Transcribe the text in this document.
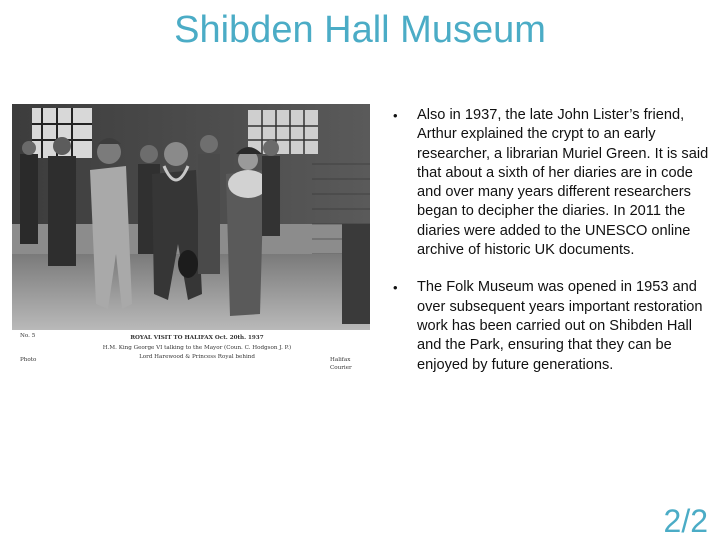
Shibden Hall Museum
No. 5	ROYAL VISIT TO HALIFAX Oct. 20th. 1937
H.M. King George VI talking to the Mayor (Coun. C. Hodgson J. P.)
Lord Harewood & Princess Royal behind
Photo	Halifax Courier
• Also in 1937, the late John Lister’s friend, Arthur explained the crypt to an early researcher, a librarian Muriel Green. It is said that about a sixth of her diaries are in code and over many years different researchers began to decipher the diaries. In 2011 the diaries were added to the UNESCO online archive of historic UK documents.
• The Folk Museum was opened in 1953 and over subsequent years important restoration work has been carried out on Shibden Hall and the Park, ensuring that they can be enjoyed by future generations.
2/2
